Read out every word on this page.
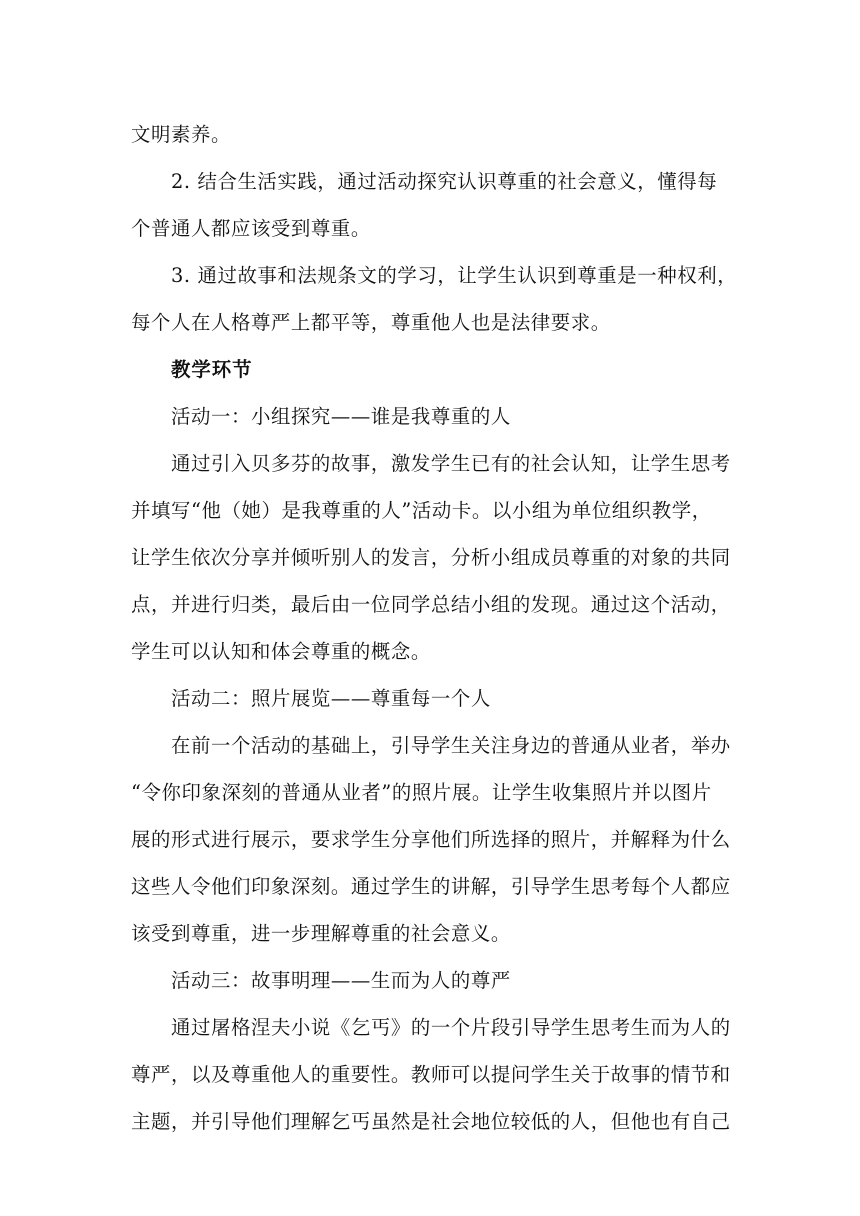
文明素养。
2. 结合生活实践，通过活动探究认识尊重的社会意义，懂得每
个普通人都应该受到尊重。
3. 通过故事和法规条文的学习，让学生认识到尊重是一种权利，
每个人在人格尊严上都平等，尊重他人也是法律要求。
教学环节
活动一：小组探究——谁是我尊重的人
通过引入贝多芬的故事，激发学生已有的社会认知，让学生思考
并填写“他（她）是我尊重的人”活动卡。以小组为单位组织教学，
让学生依次分享并倾听别人的发言，分析小组成员尊重的对象的共同
点，并进行归类，最后由一位同学总结小组的发现。通过这个活动，
学生可以认知和体会尊重的概念。
活动二：照片展览——尊重每一个人
在前一个活动的基础上，引导学生关注身边的普通从业者，举办
“令你印象深刻的普通从业者”的照片展。让学生收集照片并以图片
展的形式进行展示，要求学生分享他们所选择的照片，并解释为什么
这些人令他们印象深刻。通过学生的讲解，引导学生思考每个人都应
该受到尊重，进一步理解尊重的社会意义。
活动三：故事明理——生而为人的尊严
通过屠格涅夫小说《乞丐》的一个片段引导学生思考生而为人的
尊严，以及尊重他人的重要性。教师可以提问学生关于故事的情节和
主题，并引导他们理解乞丐虽然是社会地位较低的人，但他也有自己
